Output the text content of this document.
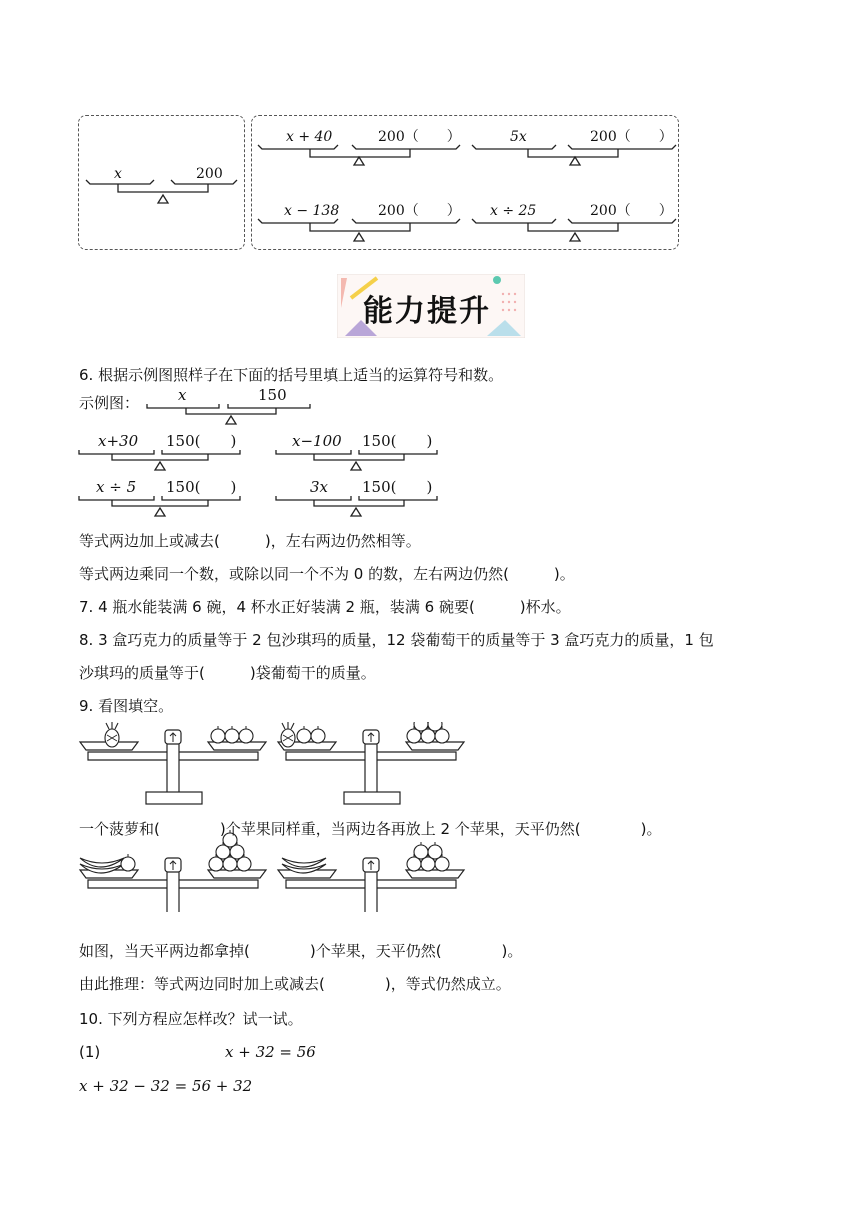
x	200
x + 40	200（　　）	5x	200（　　）
x − 138	200（　　） x ÷ 25	200（　　）
能力提升
6. 根据示例图照样子在下面的括号里填上适当的运算符号和数。
示例图：	x	150
x+30 150(　　)	x−100 150(　　)
x ÷ 5 150(　　)	3x 150(　　)
等式两边加上或减去(　　　)，左右两边仍然相等。
等式两边乘同一个数，或除以同一个不为 0 的数，左右两边仍然(　　　)。
7. 4 瓶水能装满 6 碗，4 杯水正好装满 2 瓶，装满 6 碗要(　　　)杯水。
8. 3 盒巧克力的质量等于 2 包沙琪玛的质量，12 袋葡萄干的质量等于 3 盒巧克力的质量，1 包
沙琪玛的质量等于(　　　)袋葡萄干的质量。
9. 看图填空。
一个菠萝和(　　　　)个苹果同样重，当两边各再放上 2 个苹果，天平仍然(　　　　)。
如图，当天平两边都拿掉(　　　　)个苹果，天平仍然(　　　　)。
由此推理：等式两边同时加上或减去(　　　　)，等式仍然成立。
10. 下列方程应怎样改？试一试。
(1)	x + 32 = 56
x + 32 − 32 = 56 + 32
